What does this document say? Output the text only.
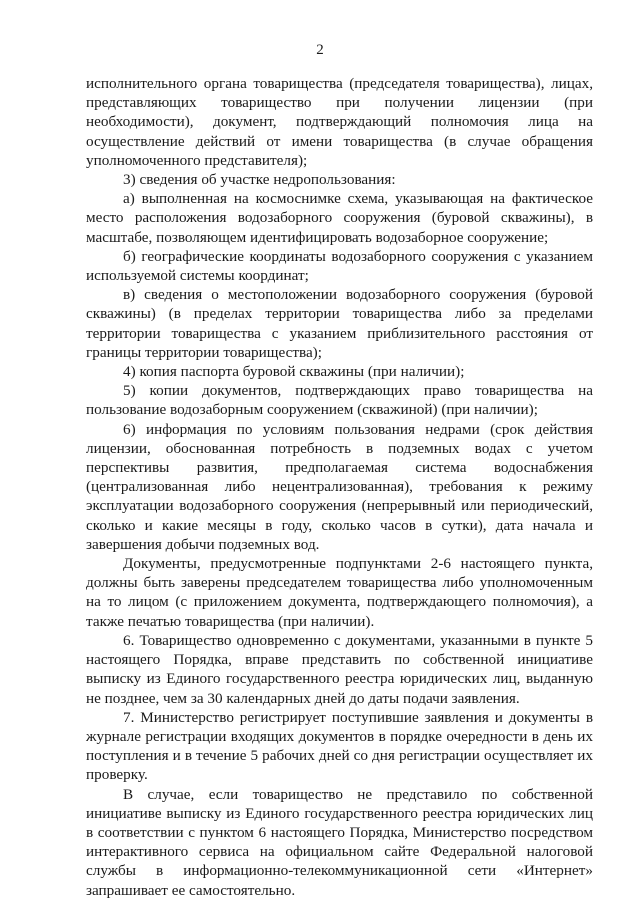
2

исполнительного органа товарищества (председателя товарищества), лицах, представляющих товарищество при получении лицензии (при необходимости), документ, подтверждающий полномочия лица на осуществление действий от имени товарищества (в случае обращения уполномоченного представителя);

3) сведения об участке недропользования:

а) выполненная на космоснимке схема, указывающая на фактическое место расположения водозаборного сооружения (буровой скважины), в масштабе, позволяющем идентифицировать водозаборное сооружение;

б) географические координаты водозаборного сооружения с указанием используемой системы координат;

в) сведения о местоположении водозаборного сооружения (буровой скважины) (в пределах территории товарищества либо за пределами территории товарищества с указанием приблизительного расстояния от границы территории товарищества);

4) копия паспорта буровой скважины (при наличии);

5) копии документов, подтверждающих право товарищества на пользование водозаборным сооружением (скважиной) (при наличии);

6) информация по условиям пользования недрами (срок действия лицензии, обоснованная потребность в подземных водах с учетом перспективы развития, предполагаемая система водоснабжения (централизованная либо нецентрализованная), требования к режиму эксплуатации водозаборного сооружения (непрерывный или периодический, сколько и какие месяцы в году, сколько часов в сутки), дата начала и завершения добычи подземных вод.

Документы, предусмотренные подпунктами 2-6 настоящего пункта, должны быть заверены председателем товарищества либо уполномоченным на то лицом (с приложением документа, подтверждающего полномочия), а также печатью товарищества (при наличии).

6. Товарищество одновременно с документами, указанными в пункте 5 настоящего Порядка, вправе представить по собственной инициативе выписку из Единого государственного реестра юридических лиц, выданную не позднее, чем за 30 календарных дней до даты подачи заявления.

7. Министерство регистрирует поступившие заявления и документы в журнале регистрации входящих документов в порядке очередности в день их поступления и в течение 5 рабочих дней со дня регистрации осуществляет их проверку.

В случае, если товарищество не представило по собственной инициативе выписку из Единого государственного реестра юридических лиц в соответствии с пунктом 6 настоящего Порядка, Министерство посредством интерактивного сервиса на официальном сайте Федеральной налоговой службы в информационно-телекоммуникационной сети «Интернет» запрашивает ее самостоятельно.
